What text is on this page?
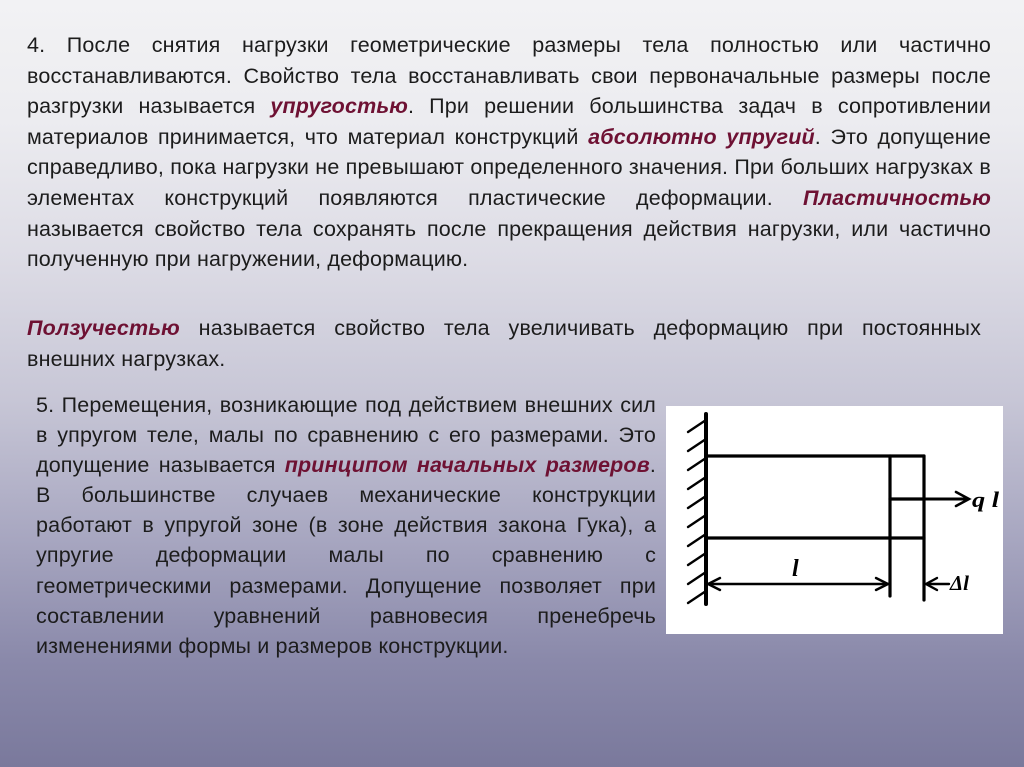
4. После снятия нагрузки геометрические размеры тела полностью или частично восстанавливаются. Свойство тела восстанавливать свои первоначальные размеры после разгрузки называется упругостью. При решении большинства задач в сопротивлении материалов принимается, что материал конструкций абсолютно упругий. Это допущение справедливо, пока нагрузки не превышают определенного значения. При больших нагрузках в элементах конструкций появляются пластические деформации. Пластичностью называется свойство тела сохранять после прекращения действия нагрузки, или частично полученную при нагружении, деформацию.
Ползучестью называется свойство тела увеличивать деформацию при постоянных внешних нагрузках.
5. Перемещения, возникающие под действием внешних сил в упругом теле, малы по сравнению с его размерами. Это допущение называется принципом начальных размеров. В большинстве случаев механические конструкции работают в упругой зоне (в зоне действия закона Гука), а упругие деформации малы по сравнению с геометрическими размерами. Допущение позволяет при составлении уравнений равновесия пренебречь изменениями формы и размеров конструкции.
q l
l
Δl
